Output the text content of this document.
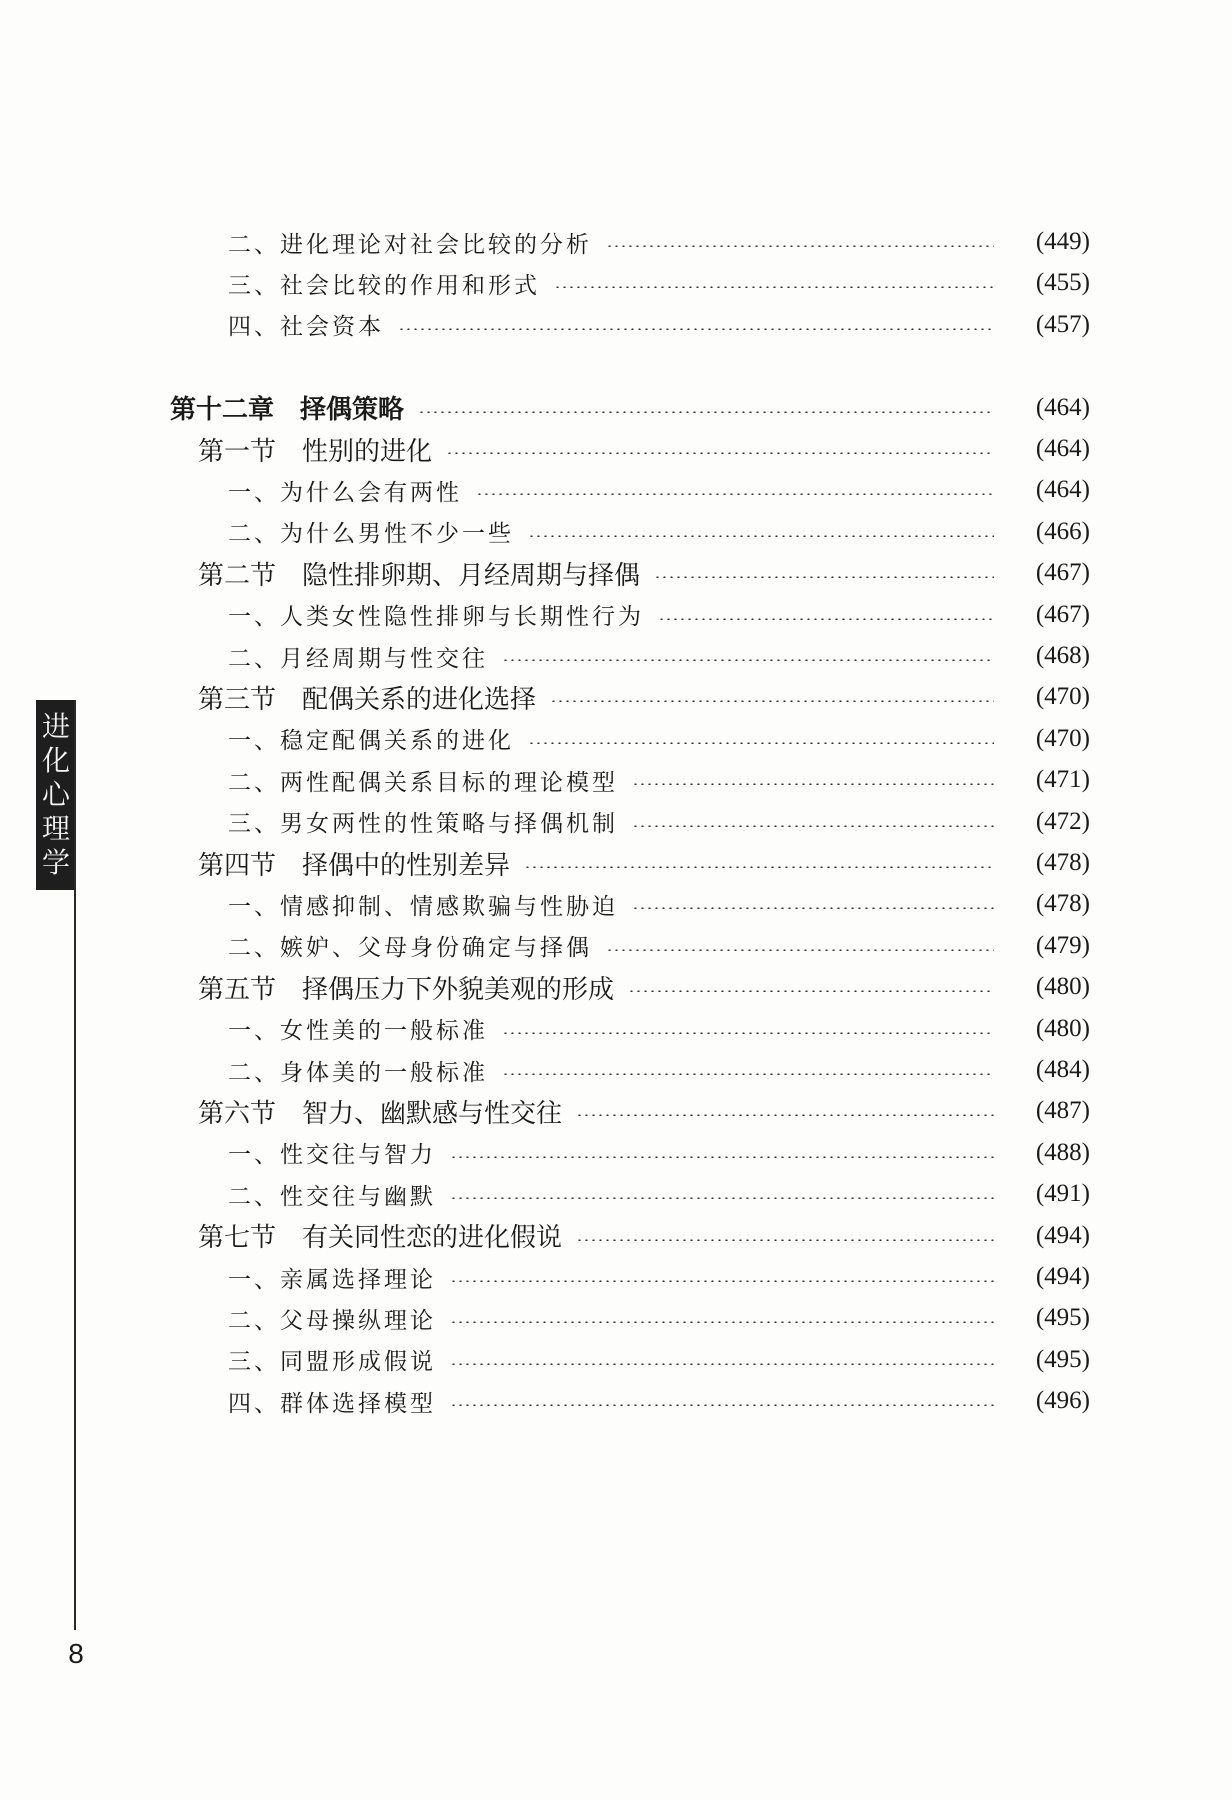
二、进化理论对社会比较的分析	(449)
三、社会比较的作用和形式	(455)
四、社会资本	(457)
第十二章　择偶策略	(464)
第一节　性别的进化	(464)
一、为什么会有两性	(464)
二、为什么男性不少一些	(466)
第二节　隐性排卵期、月经周期与择偶	(467)
一、人类女性隐性排卵与长期性行为	(467)
二、月经周期与性交往	(468)
第三节　配偶关系的进化选择	(470)
一、稳定配偶关系的进化	(470)
二、两性配偶关系目标的理论模型	(471)
三、男女两性的性策略与择偶机制	(472)
第四节　择偶中的性别差异	(478)
一、情感抑制、情感欺骗与性胁迫	(478)
二、嫉妒、父母身份确定与择偶	(479)
第五节　择偶压力下外貌美观的形成	(480)
一、女性美的一般标准	(480)
二、身体美的一般标准	(484)
第六节　智力、幽默感与性交往	(487)
一、性交往与智力	(488)
二、性交往与幽默	(491)
第七节　有关同性恋的进化假说	(494)
一、亲属选择理论	(494)
二、父母操纵理论	(495)
三、同盟形成假说	(495)
四、群体选择模型	(496)
进
化
心
理
学
8
